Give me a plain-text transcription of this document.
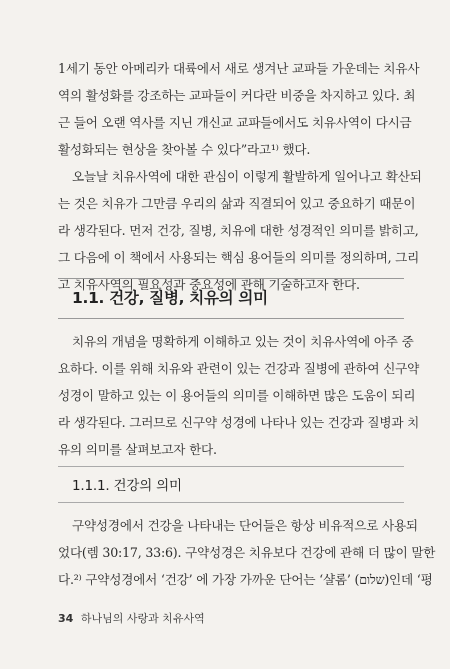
1세기 동안 아메리카 대륙에서 새로 생겨난 교파들 가운데는 치유사
역의 활성화를 강조하는 교파들이 커다란 비중을 차지하고 있다. 최
근 들어 오랜 역사를 지닌 개신교 교파들에서도 치유사역이 다시금
활성화되는 현상을 찾아볼 수 있다”라고¹⁾ 했다.

오늘날 치유사역에 대한 관심이 이렇게 활발하게 일어나고 확산되
는 것은 치유가 그만큼 우리의 삶과 직결되어 있고 중요하기 때문이
라 생각된다. 먼저 건강, 질병, 치유에 대한 성경적인 의미를 밝히고,
그 다음에 이 책에서 사용되는 핵심 용어들의 의미를 정의하며, 그리
고 치유사역의 필요성과 중요성에 관해 기술하고자 한다.

1.1. 건강, 질병, 치유의 의미

치유의 개념을 명확하게 이해하고 있는 것이 치유사역에 아주 중
요하다. 이를 위해 치유와 관련이 있는 건강과 질병에 관하여 신구약
성경이 말하고 있는 이 용어들의 의미를 이해하면 많은 도움이 되리
라 생각된다. 그러므로 신구약 성경에 나타나 있는 건강과 질병과 치
유의 의미를 살펴보고자 한다.

1.1.1. 건강의 의미

구약성경에서 건강을 나타내는 단어들은 항상 비유적으로 사용되
었다(렘 30:17, 33:6). 구약성경은 치유보다 건강에 관해 더 많이 말한
다.²⁾ 구약성경에서 ‘건강’ 에 가장 가까운 단어는 ‘샬롬’ (שלום)인데 ‘평

34 하나님의 사랑과 치유사역
